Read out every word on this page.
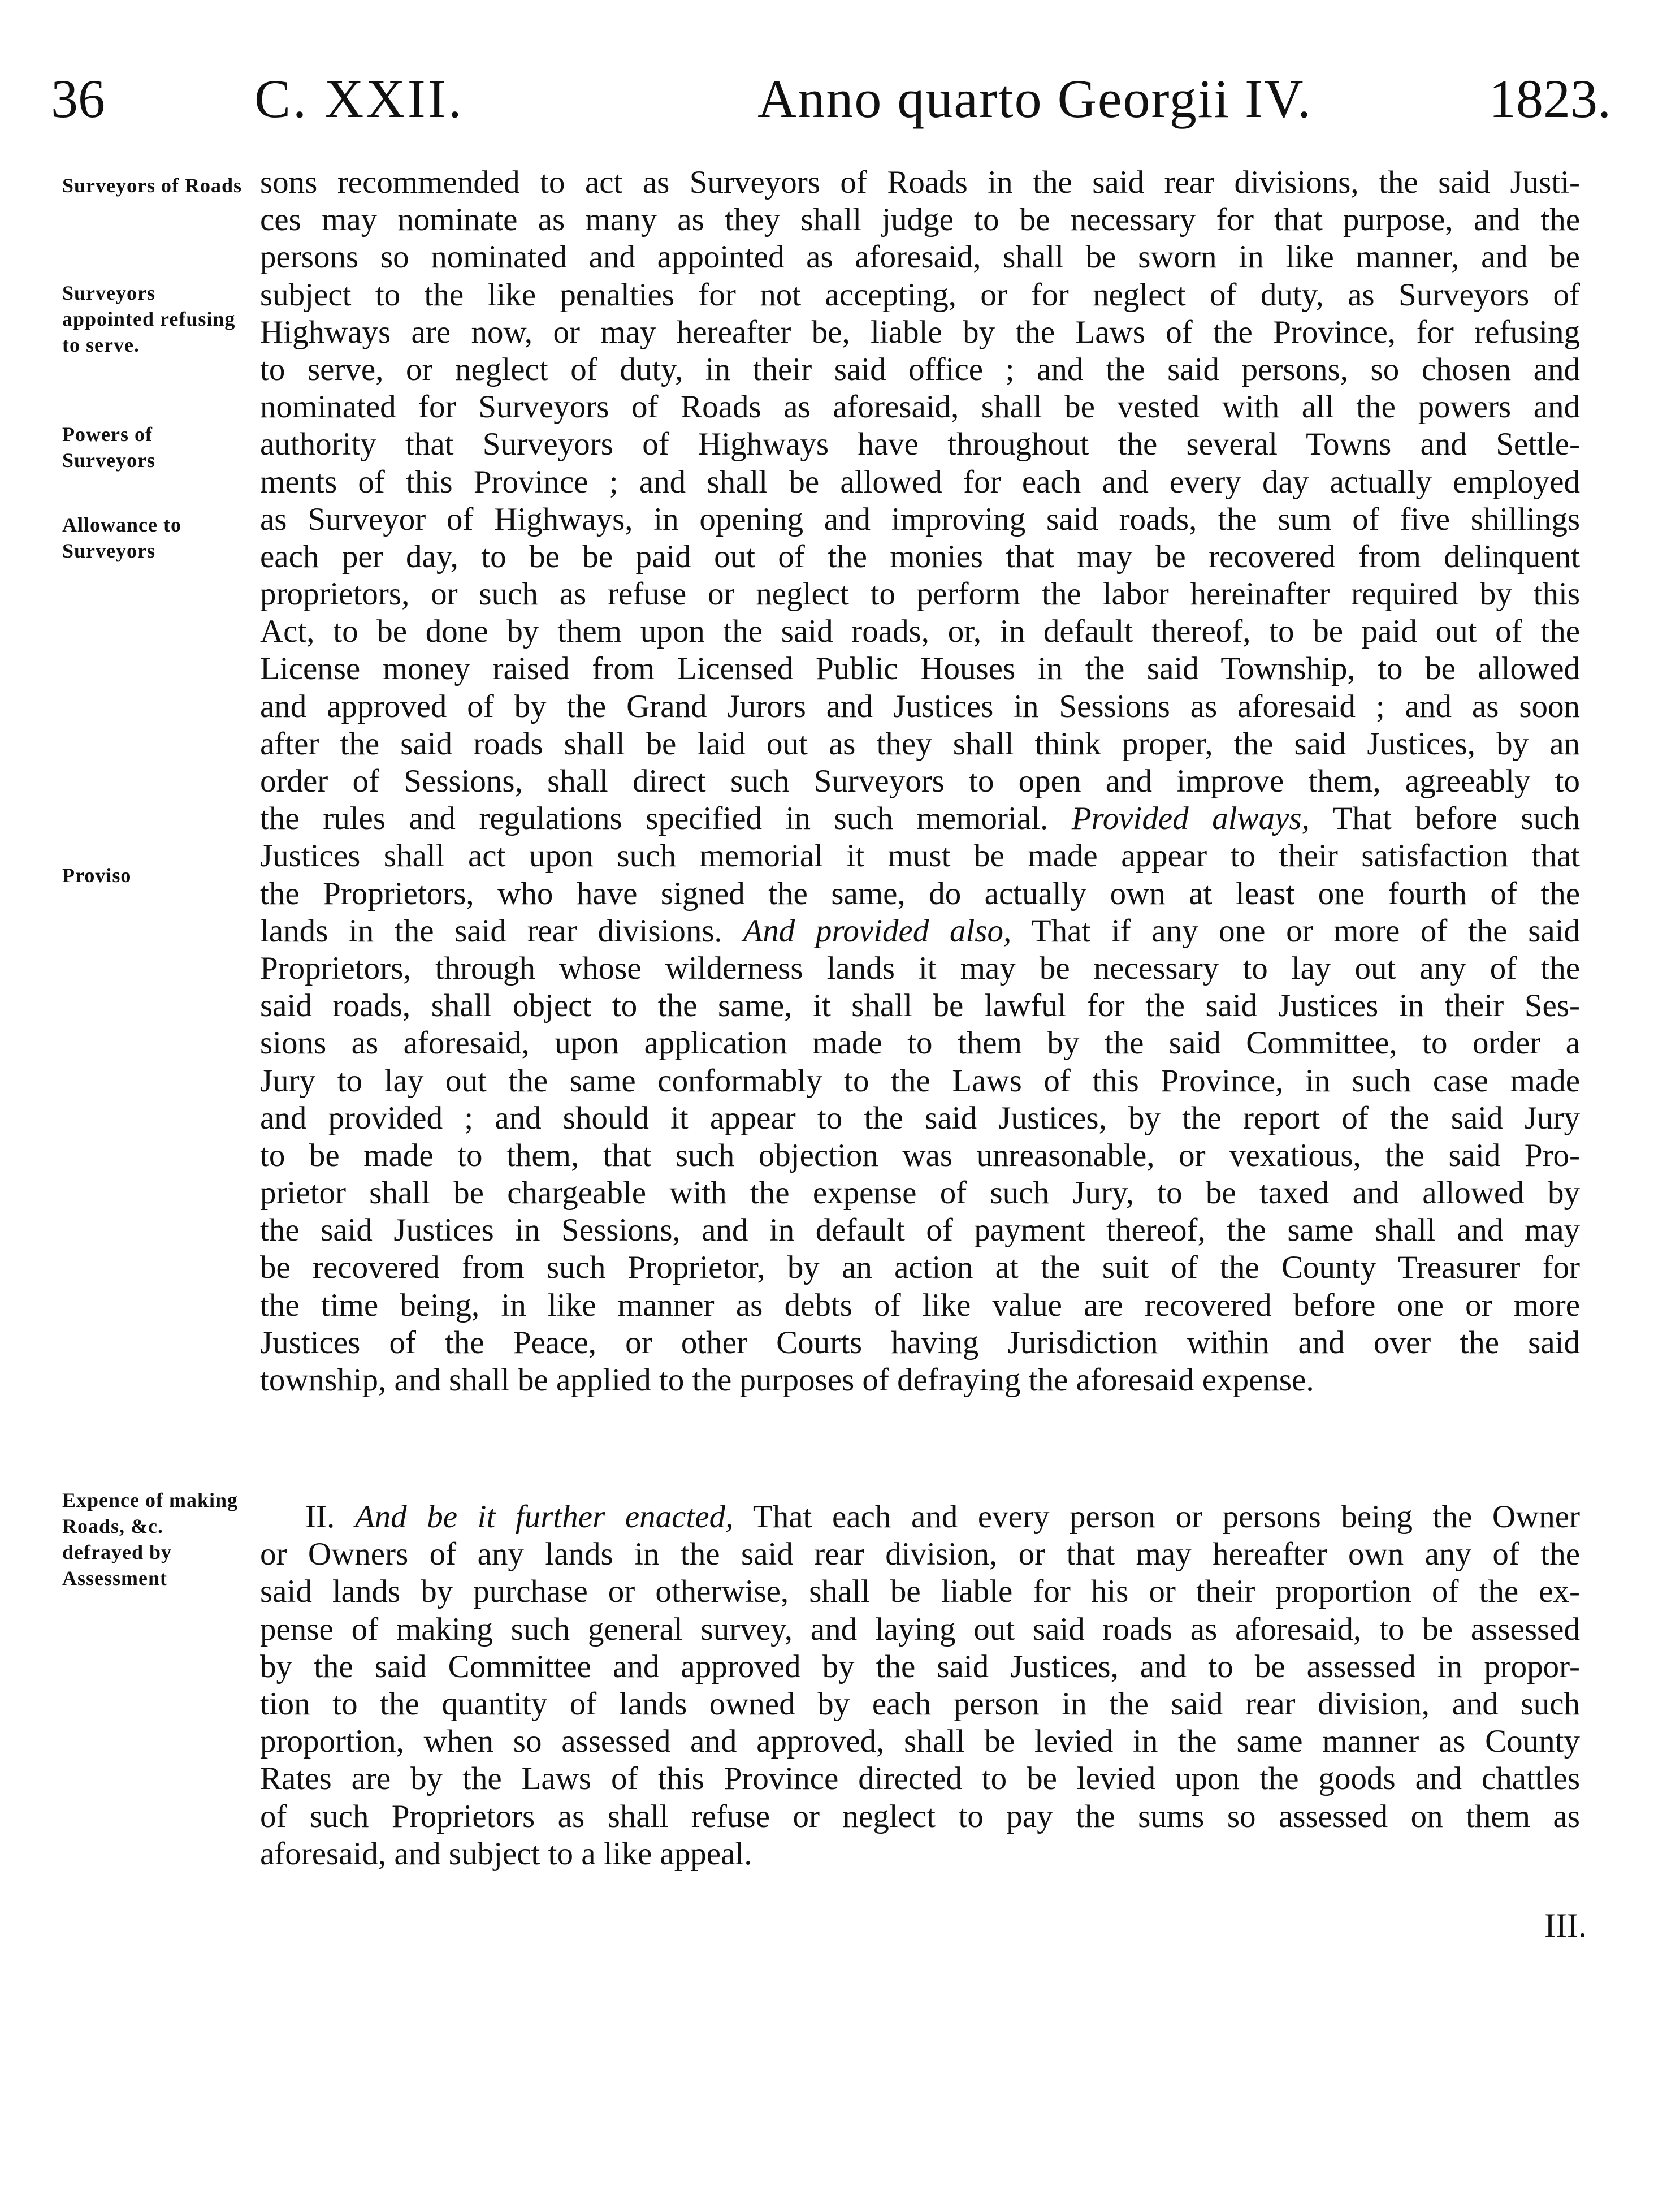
36	C. XXII.	Anno quarto Georgii IV.	1823.
Surveyors of Roads
Surveyors appointed refusing to serve.
Powers of Surveyors
Allowance to Surveyors
Proviso
Expence of making Roads, &c. defrayed by Assessment
sons recommended to act as Surveyors of Roads in the said rear divisions, the said Justi-
ces may nominate as many as they shall judge to be necessary for that purpose, and the
persons so nominated and appointed as aforesaid, shall be sworn in like manner, and be
subject to the like penalties for not accepting, or for neglect of duty, as Surveyors of
Highways are now, or may hereafter be, liable by the Laws of the Province, for refusing
to serve, or neglect of duty, in their said office ; and the said persons, so chosen and
nominated for Surveyors of Roads as aforesaid, shall be vested with all the powers and
authority that Surveyors of Highways have throughout the several Towns and Settle-
ments of this Province ; and shall be allowed for each and every day actually employed
as Surveyor of Highways, in opening and improving said roads, the sum of five shillings
each per day, to be be paid out of the monies that may be recovered from delinquent
proprietors, or such as refuse or neglect to perform the labor hereinafter required by this
Act, to be done by them upon the said roads, or, in default thereof, to be paid out of the
License money raised from Licensed Public Houses in the said Township, to be allowed
and approved of by the Grand Jurors and Justices in Sessions as aforesaid ; and as soon
after the said roads shall be laid out as they shall think proper, the said Justices, by an
order of Sessions, shall direct such Surveyors to open and improve them, agreeably to
the rules and regulations specified in such memorial. Provided always, That before such
Justices shall act upon such memorial it must be made appear to their satisfaction that
the Proprietors, who have signed the same, do actually own at least one fourth of the
lands in the said rear divisions. And provided also, That if any one or more of the said
Proprietors, through whose wilderness lands it may be necessary to lay out any of the
said roads, shall object to the same, it shall be lawful for the said Justices in their Ses-
sions as aforesaid, upon application made to them by the said Committee, to order a
Jury to lay out the same conformably to the Laws of this Province, in such case made
and provided ; and should it appear to the said Justices, by the report of the said Jury
to be made to them, that such objection was unreasonable, or vexatious, the said Pro-
prietor shall be chargeable with the expense of such Jury, to be taxed and allowed by
the said Justices in Sessions, and in default of payment thereof, the same shall and may
be recovered from such Proprietor, by an action at the suit of the County Treasurer for
the time being, in like manner as debts of like value are recovered before one or more
Justices of the Peace, or other Courts having Jurisdiction within and over the said
township, and shall be applied to the purposes of defraying the aforesaid expense.
II. And be it further enacted, That each and every person or persons being the Owner
or Owners of any lands in the said rear division, or that may hereafter own any of the
said lands by purchase or otherwise, shall be liable for his or their proportion of the ex-
pense of making such general survey, and laying out said roads as aforesaid, to be assessed
by the said Committee and approved by the said Justices, and to be assessed in propor-
tion to the quantity of lands owned by each person in the said rear division, and such
proportion, when so assessed and approved, shall be levied in the same manner as County
Rates are by the Laws of this Province directed to be levied upon the goods and chattles
of such Proprietors as shall refuse or neglect to pay the sums so assessed on them as
aforesaid, and subject to a like appeal.
III.
